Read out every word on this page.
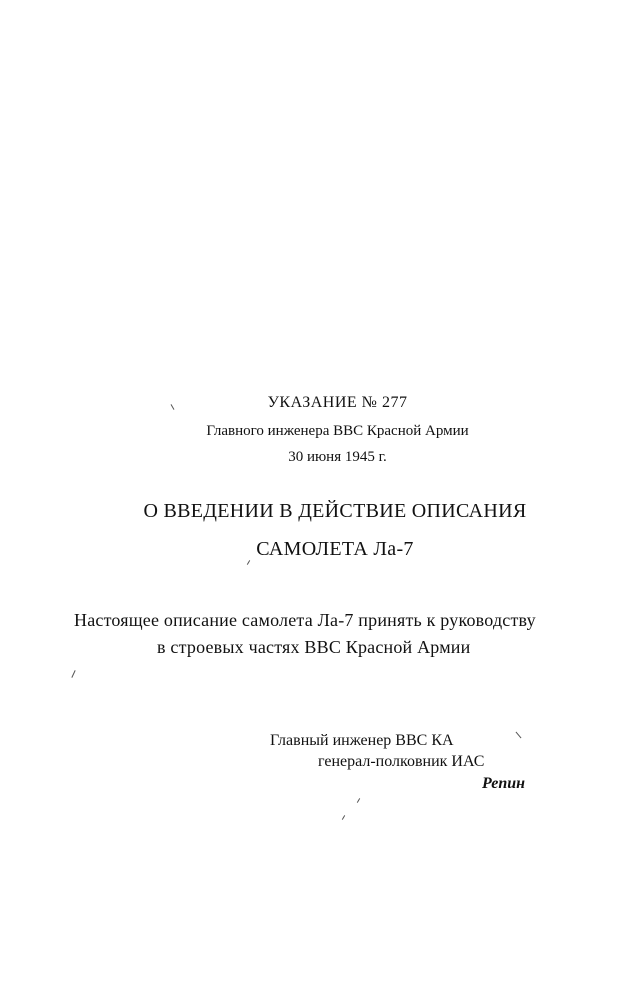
УКАЗАНИЕ № 277
Главного инженера ВВС Красной Армии
30 июня 1945 г.
О ВВЕДЕНИИ В ДЕЙСТВИЕ ОПИСАНИЯ
САМОЛЕТА Ла-7
Настоящее описание самолета Ла-7 принять к руководству
в строевых частях ВВС Красной Армии
Главный инженер ВВС КА
генерал-полковник ИАС
Репин
